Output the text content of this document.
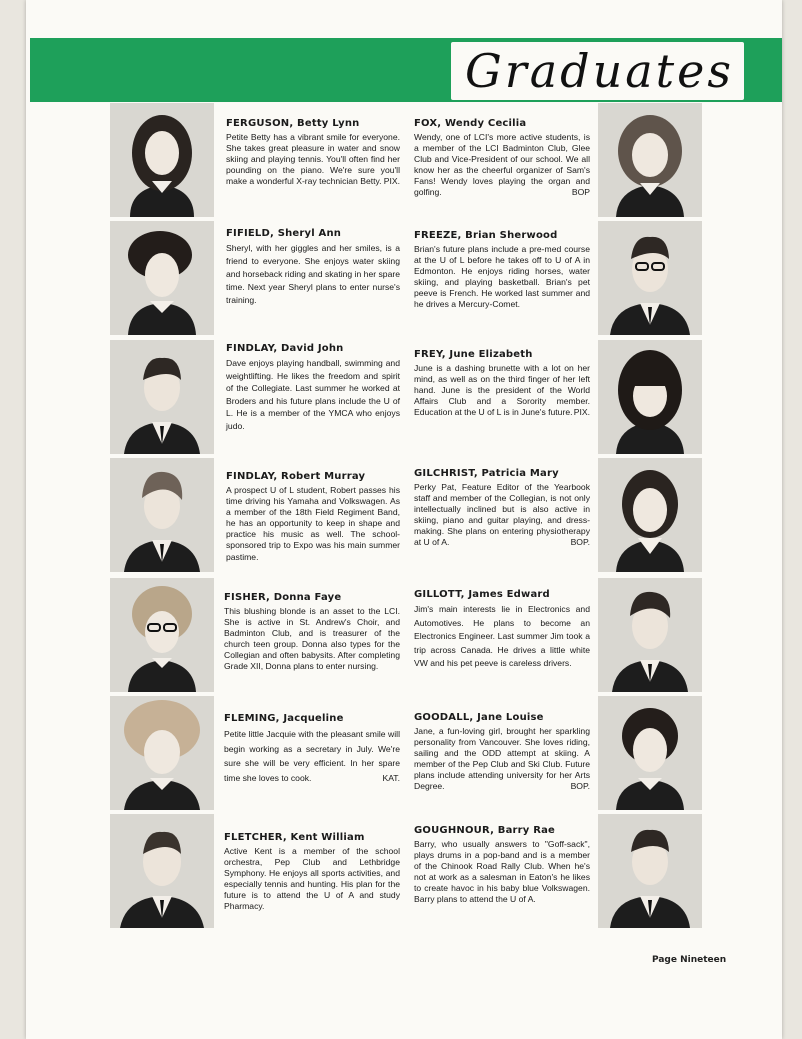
Graduates
FERGUSON, Betty Lynn
Petite Betty has a vibrant smile for everyone. She takes great pleasure in water and snow skiing and playing tennis. You'll often find her pounding on the piano. We're sure you'll make a wonderful X-ray technician Betty. PIX.
FIFIELD, Sheryl Ann
Sheryl, with her giggles and her smiles, is a friend to everyone. She enjoys water skiing and horseback riding and skating in her spare time. Next year Sheryl plans to enter nurse's training.
FINDLAY, David John
Dave enjoys playing handball, swimming and weightlifting. He likes the freedom and spirit of the Collegiate. Last summer he worked at Broders and his future plans include the U of L. He is a member of the YMCA who enjoys judo.
FINDLAY, Robert Murray
A prospect U of L student, Robert passes his time driving his Yamaha and Volkswagen. As a member of the 18th Field Regiment Band, he has an opportunity to keep in shape and practice his music as well. The school-sponsored trip to Expo was his main summer pastime.
FISHER, Donna Faye
This blushing blonde is an asset to the LCI. She is active in St. Andrew's Choir, and Badminton Club, and is treasurer of the church teen group. Donna also types for the Collegian and often babysits. After completing Grade XII, Donna plans to enter nursing.
FLEMING, Jacqueline
Petite little Jacquie with the pleasant smile will begin working as a secretary in July. We're sure she will be very efficient. In her spare time she loves to cook.	KAT.
FLETCHER, Kent William
Active Kent is a member of the school orchestra, Pep Club and Lethbridge Symphony. He enjoys all sports activities, and especially tennis and hunting. His plan for the future is to attend the U of A and study Pharmacy.
FOX, Wendy Cecilia
Wendy, one of LCI's more active students, is a member of the LCI Badminton Club, Glee Club and Vice-President of our school. We all know her as the cheerful organizer of Sam's Fans! Wendy loves playing the organ and golfing.	BOP
FREEZE, Brian Sherwood
Brian's future plans include a pre-med course at the U of L before he takes off to U of A in Edmonton. He enjoys riding horses, water skiing, and playing basketball. Brian's pet peeve is French. He worked last summer and he drives a Mercury-Comet.
FREY, June Elizabeth
June is a dashing brunette with a lot on her mind, as well as on the third finger of her left hand. June is the president of the World Affairs Club and a Sorority member. Education at the U of L is in June's future. PIX.
GILCHRIST, Patricia Mary
Perky Pat, Feature Editor of the Yearbook staff and member of the Collegian, is not only intellectually inclined but is also active in skiing, piano and guitar playing, and dress-making. She plans on entering physiotherapy at U of A.	BOP.
GILLOTT, James Edward
Jim's main interests lie in Electronics and Automotives. He plans to become an Electronics Engineer. Last summer Jim took a trip across Canada. He drives a little white VW and his pet peeve is careless drivers.
GOODALL, Jane Louise
Jane, a fun-loving girl, brought her sparkling personality from Vancouver. She loves riding, sailing and the ODD attempt at skiing. A member of the Pep Club and Ski Club. Future plans include attending university for her Arts Degree.	BOP.
GOUGHNOUR, Barry Rae
Barry, who usually answers to "Goff-sack", plays drums in a pop-band and is a member of the Chinook Road Rally Club. When he's not at work as a salesman in Eaton's he likes to create havoc in his baby blue Volkswagen. Barry plans to attend the U of A.
Page Nineteen
